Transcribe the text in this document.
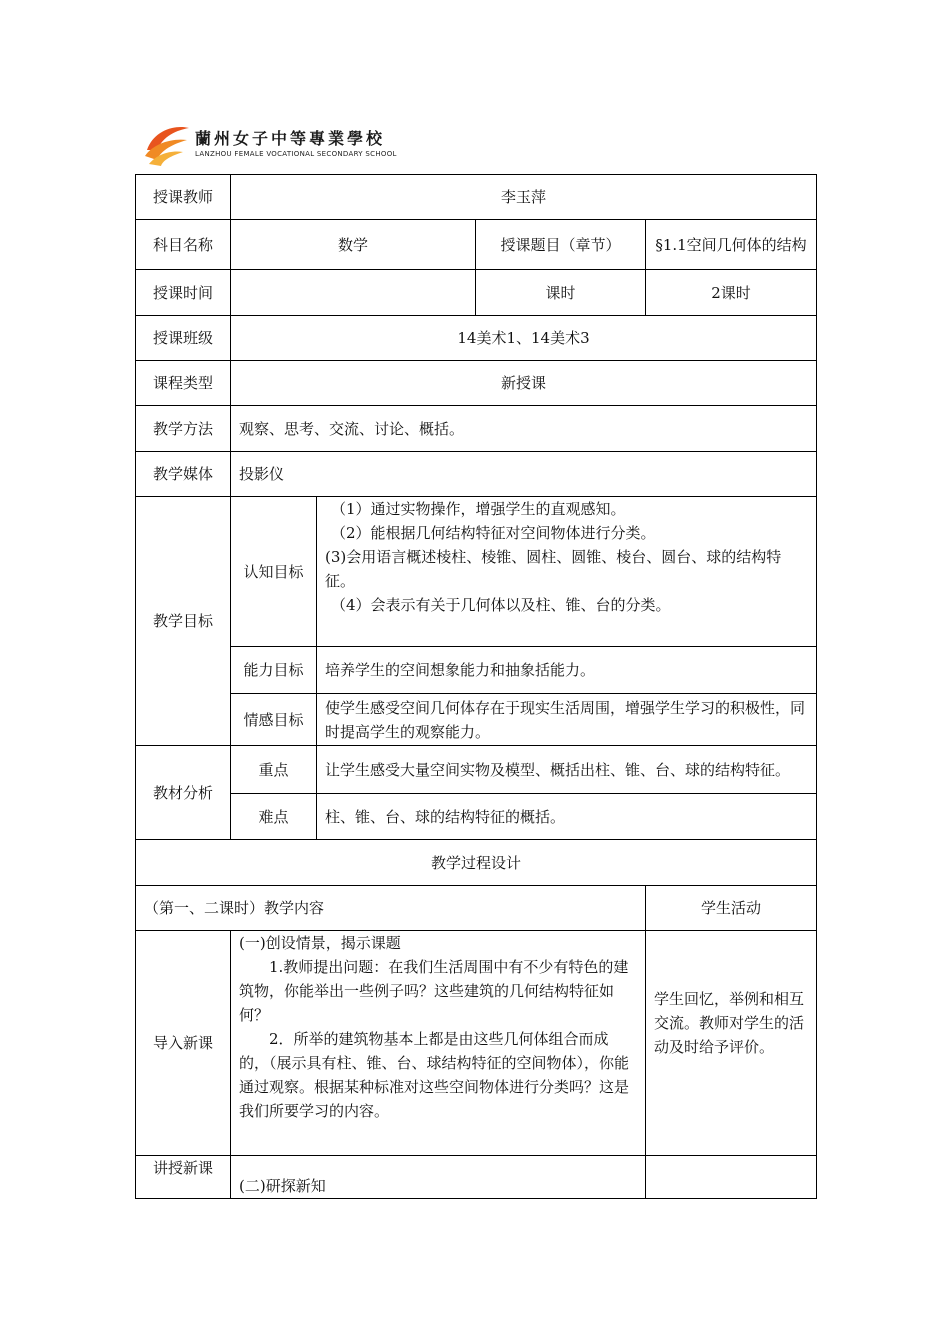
蘭州女子中等專業學校
LANZHOU FEMALE VOCATIONAL SECONDARY SCHOOL
授课教师	李玉萍			
科目名称	数学		授课题目（章节）	§1.1空间几何体的结构
授课时间			课时	2课时
授课班级	14美术1、14美术3			
课程类型	新授课			
教学方法	观察、思考、交流、讨论、概括。			
教学媒体	投影仪			
教学目标	认知目标	（1）通过实物操作，增强学生的直观感知。

（2）能根据几何结构特征对空间物体进行分类。

(3)会用语言概述棱柱、棱锥、圆柱、圆锥、棱台、圆台、球的结构特征。

（4）会表示有关于几何体以及柱、锥、台的分类。		

	能力目标	培养学生的空间想象能力和抽象括能力。		
	情感目标	使学生感受空间几何体存在于现实生活周围，增强学生学习的积极性，同时提高学生的观察能力。		
教材分析	重点	让学生感受大量空间实物及模型、概括出柱、锥、台、球的结构特征。		
	难点	柱、锥、台、球的结构特征的概括。		
教学过程设计				
（第一、二课时）教学内容				学生活动
导入新课	(一)创设情景，揭示课题

1.教师提出问题：在我们生活周围中有不少有特色的建筑物，你能举出一些例子吗？这些建筑的几何结构特征如何？

2．所举的建筑物基本上都是由这些几何体组合而成的，（展示具有柱、锥、台、球结构特征的空间物体），你能通过观察。根据某种标准对这些空间物体进行分类吗？这是我们所要学习的内容。			学生回忆，举例和相互交流。教师对学生的活动及时给予评价。
讲授新课	(二)研探新知			
